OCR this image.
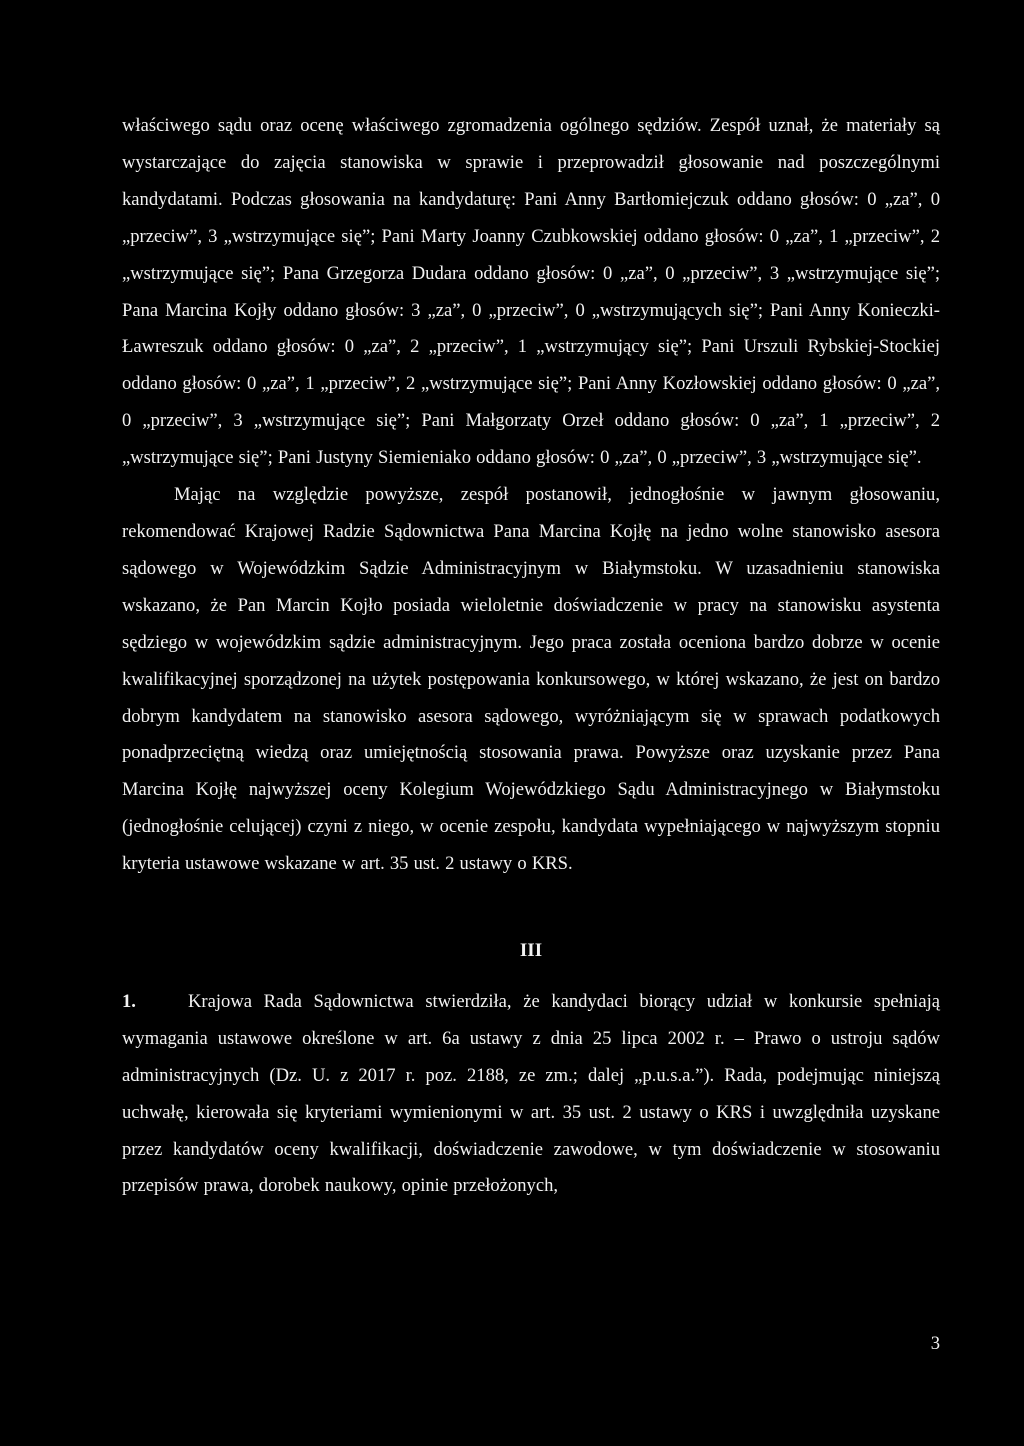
właściwego sądu oraz ocenę właściwego zgromadzenia ogólnego sędziów. Zespół uznał, że materiały są wystarczające do zajęcia stanowiska w sprawie i przeprowadził głosowanie nad poszczególnymi kandydatami. Podczas głosowania na kandydaturę: Pani Anny Bartłomiejczuk oddano głosów: 0 „za”, 0 „przeciw”, 3 „wstrzymujące się”; Pani Marty Joanny Czubkowskiej oddano głosów: 0 „za”, 1 „przeciw”, 2 „wstrzymujące się”; Pana Grzegorza Dudara oddano głosów: 0 „za”, 0 „przeciw”, 3 „wstrzymujące się”; Pana Marcina Kojły oddano głosów: 3 „za”, 0 „przeciw”, 0 „wstrzymujących się”; Pani Anny Konieczki-Ławreszuk oddano głosów: 0 „za”, 2 „przeciw”, 1 „wstrzymujący się”; Pani Urszuli Rybskiej-Stockiej oddano głosów: 0 „za”, 1 „przeciw”, 2 „wstrzymujące się”; Pani Anny Kozłowskiej oddano głosów: 0 „za”, 0 „przeciw”, 3 „wstrzymujące się”; Pani Małgorzaty Orzeł oddano głosów: 0 „za”, 1 „przeciw”, 2 „wstrzymujące się”; Pani Justyny Siemieniako oddano głosów: 0 „za”, 0 „przeciw”, 3 „wstrzymujące się”.

Mając na względzie powyższe, zespół postanowił, jednogłośnie w jawnym głosowaniu, rekomendować Krajowej Radzie Sądownictwa Pana Marcina Kojłę na jedno wolne stanowisko asesora sądowego w Wojewódzkim Sądzie Administracyjnym w Białymstoku. W uzasadnieniu stanowiska wskazano, że Pan Marcin Kojło posiada wieloletnie doświadczenie w pracy na stanowisku asystenta sędziego w wojewódzkim sądzie administracyjnym. Jego praca została oceniona bardzo dobrze w ocenie kwalifikacyjnej sporządzonej na użytek postępowania konkursowego, w której wskazano, że jest on bardzo dobrym kandydatem na stanowisko asesora sądowego, wyróżniającym się w sprawach podatkowych ponadprzeciętną wiedzą oraz umiejętnością stosowania prawa. Powyższe oraz uzyskanie przez Pana Marcina Kojłę najwyższej oceny Kolegium Wojewódzkiego Sądu Administracyjnego w Białymstoku (jednogłośnie celującej) czyni z niego, w ocenie zespołu, kandydata wypełniającego w najwyższym stopniu kryteria ustawowe wskazane w art. 35 ust. 2 ustawy o KRS.

III

1.	Krajowa Rada Sądownictwa stwierdziła, że kandydaci biorący udział w konkursie spełniają wymagania ustawowe określone w art. 6a ustawy z dnia 25 lipca 2002 r. – Prawo o ustroju sądów administracyjnych (Dz. U. z 2017 r. poz. 2188, ze zm.; dalej „p.u.s.a.”). Rada, podejmując niniejszą uchwałę, kierowała się kryteriami wymienionymi w art. 35 ust. 2 ustawy o KRS i uwzględniła uzyskane przez kandydatów oceny kwalifikacji, doświadczenie zawodowe, w tym doświadczenie w stosowaniu przepisów prawa, dorobek naukowy, opinie przełożonych,

3
